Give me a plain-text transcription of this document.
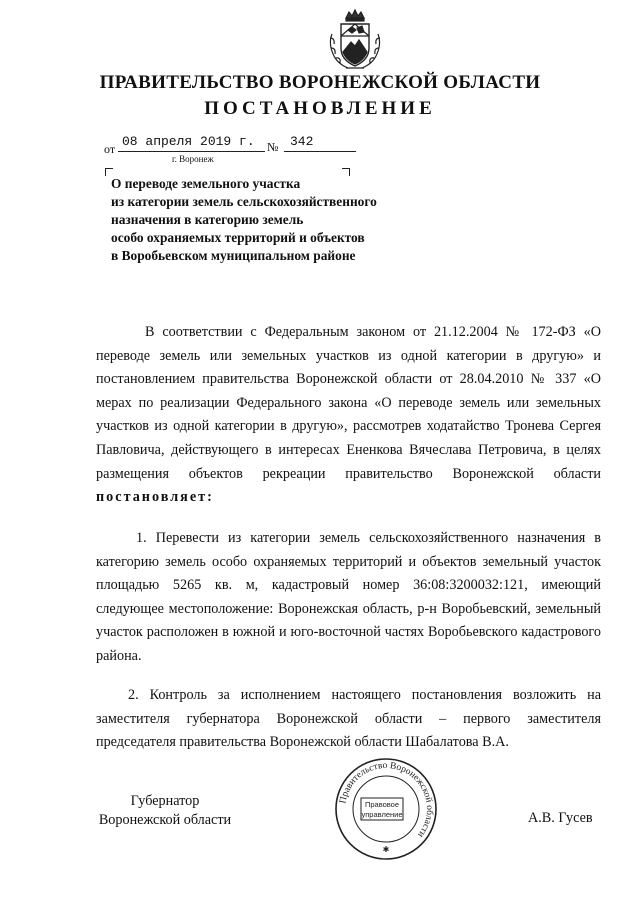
ПРАВИТЕЛЬСТВО ВОРОНЕЖСКОЙ ОБЛАСТИ
ПОСТАНОВЛЕНИЕ
от 08 апреля 2019 г.	№ 342
г. Воронеж
О переводе земельного участка
из категории земель сельскохозяйственного
назначения в категорию земель
особо охраняемых территорий и объектов
в Воробьевском муниципальном районе
В соответствии с Федеральным законом от 21.12.2004 № 172-ФЗ «О переводе земель или земельных участков из одной категории в другую» и постановлением правительства Воронежской области от 28.04.2010 № 337 «О мерах по реализации Федерального закона «О переводе земель или земельных участков из одной категории в другую», рассмотрев ходатайство Тронева Сергея Павловича, действующего в интересах Ененкова Вячеслава Петровича, в целях размещения объектов рекреации правительство Воронежской области постановляет:
1. Перевести из категории земель сельскохозяйственного назначения в категорию земель особо охраняемых территорий и объектов земельный участок площадью 5265 кв. м, кадастровый номер 36:08:3200032:121, имеющий следующее местоположение: Воронежская область, р-н Воробьевский, земельный участок расположен в южной и юго-восточной частях Воробьевского кадастрового района.
2. Контроль за исполнением настоящего постановления возложить на заместителя губернатора Воронежской области – первого заместителя председателя правительства Воронежской области Шабалатова В.А.
Губернатор
Воронежской области	А.В. Гусев
Правительство Воронежской области
Правовое
управление
✱
